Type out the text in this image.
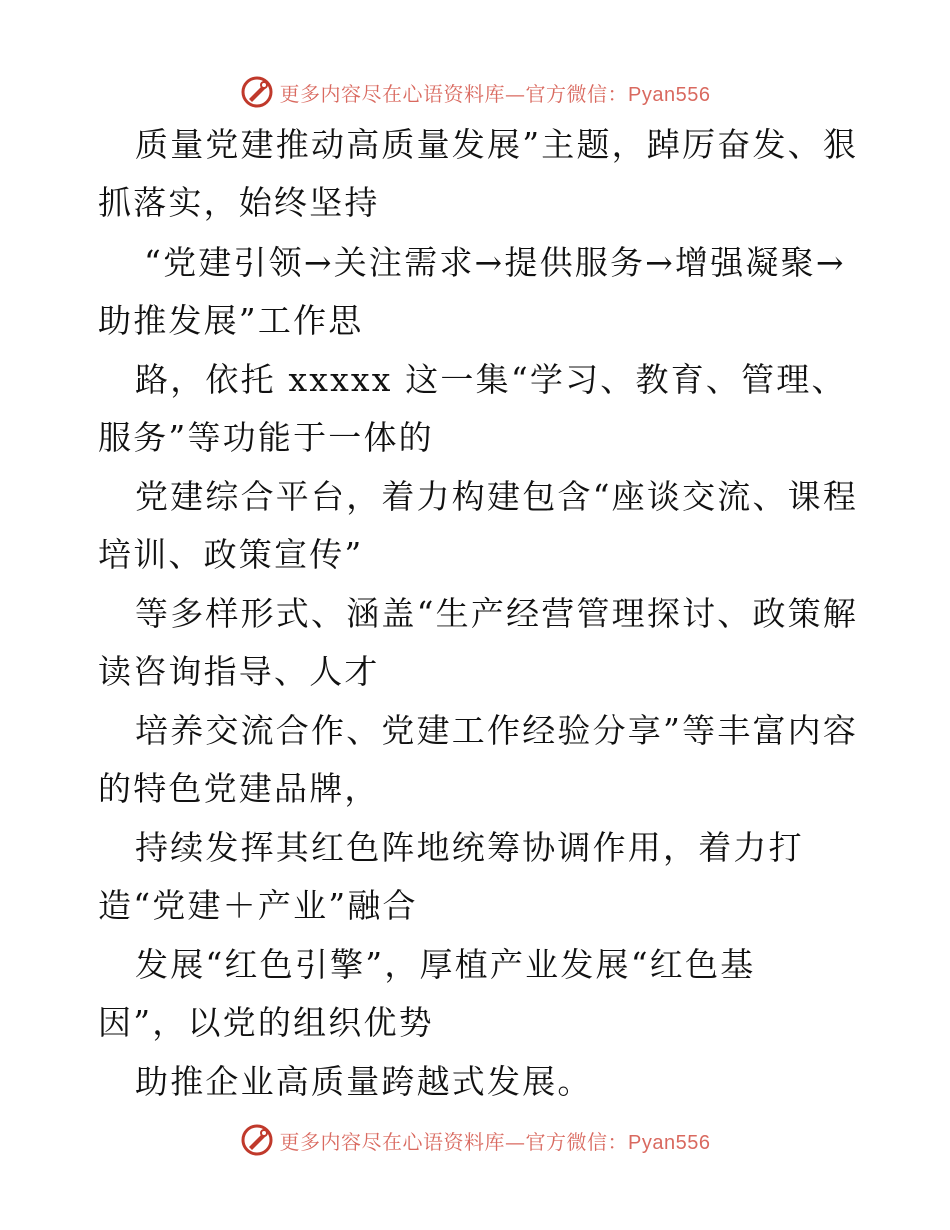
更多内容尽在心语资料库—官方微信：Pyan556
质量党建推动高质量发展”主题，踔厉奋发、狠
抓落实，始终坚持
“党建引领→关注需求→提供服务→增强凝聚→
助推发展”工作思
路，依托 xxxxx 这一集“学习、教育、管理、
服务”等功能于一体的
党建综合平台，着力构建包含“座谈交流、课程
培训、政策宣传”
等多样形式、涵盖“生产经营管理探讨、政策解
读咨询指导、人才
培养交流合作、党建工作经验分享”等丰富内容
的特色党建品牌，
持续发挥其红色阵地统筹协调作用，着力打
造“党建＋产业”融合
发展“红色引擎”，厚植产业发展“红色基
因”，以党的组织优势
助推企业高质量跨越式发展。
更多内容尽在心语资料库—官方微信：Pyan556
